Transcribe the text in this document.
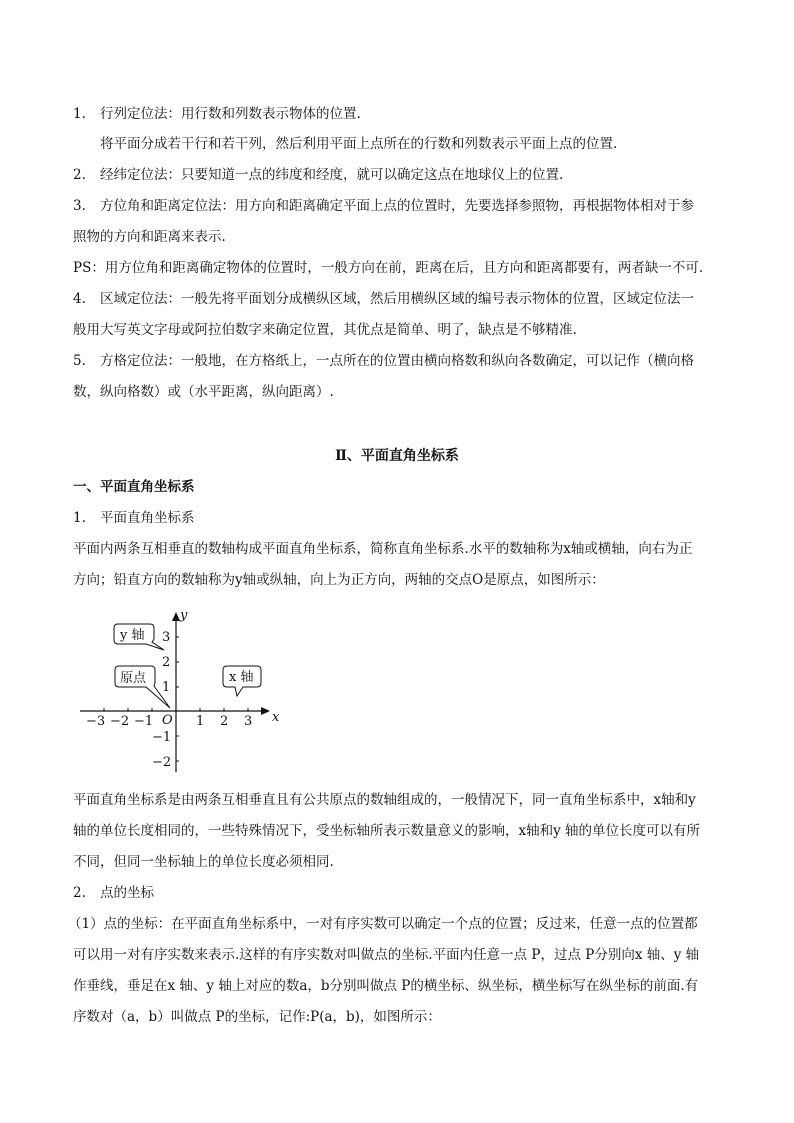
1. 行列定位法：用行数和列数表示物体的位置.
将平面分成若干行和若干列，然后利用平面上点所在的行数和列数表示平面上点的位置.
2. 经纬定位法：只要知道一点的纬度和经度，就可以确定这点在地球仪上的位置.
3. 方位角和距离定位法：用方向和距离确定平面上点的位置时，先要选择参照物，再根据物体相对于参
照物的方向和距离来表示.
PS：用方位角和距离确定物体的位置时，一般方向在前，距离在后，且方向和距离都要有，两者缺一不可.
4. 区域定位法：一般先将平面划分成横纵区域，然后用横纵区域的编号表示物体的位置，区域定位法一
般用大写英文字母或阿拉伯数字来确定位置，其优点是简单、明了，缺点是不够精准.
5. 方格定位法：一般地，在方格纸上，一点所在的位置由横向格数和纵向各数确定，可以记作（横向格
数，纵向格数）或（水平距离，纵向距离）.
Ⅱ、平面直角坐标系
一、平面直角坐标系
1. 平面直角坐标系
平面内两条互相垂直的数轴构成平面直角坐标系，简称直角坐标系.水平的数轴称为x轴或横轴，向右为正
方向；铅直方向的数轴称为y轴或纵轴，向上为正方向，两轴的交点O是原点，如图所示：
−3 −2 −1	1 2 3
3
2
1
−1
−2
O	x
y
y 轴
原点	x 轴
平面直角坐标系是由两条互相垂直且有公共原点的数轴组成的，一般情况下，同一直角坐标系中，x轴和y
轴的单位长度相同的，一些特殊情况下，受坐标轴所表示数量意义的影响，x轴和y 轴的单位长度可以有所
不同，但同一坐标轴上的单位长度必须相同.
2. 点的坐标
（1）点的坐标：在平面直角坐标系中，一对有序实数可以确定一个点的位置；反过来，任意一点的位置都
可以用一对有序实数来表示.这样的有序实数对叫做点的坐标.平面内任意一点 P，过点 P分别向x 轴、y 轴
作垂线，垂足在x 轴、y 轴上对应的数a，b分别叫做点 P的横坐标、纵坐标，横坐标写在纵坐标的前面.有
序数对（a，b）叫做点 P的坐标，记作:P(a，b)，如图所示：
